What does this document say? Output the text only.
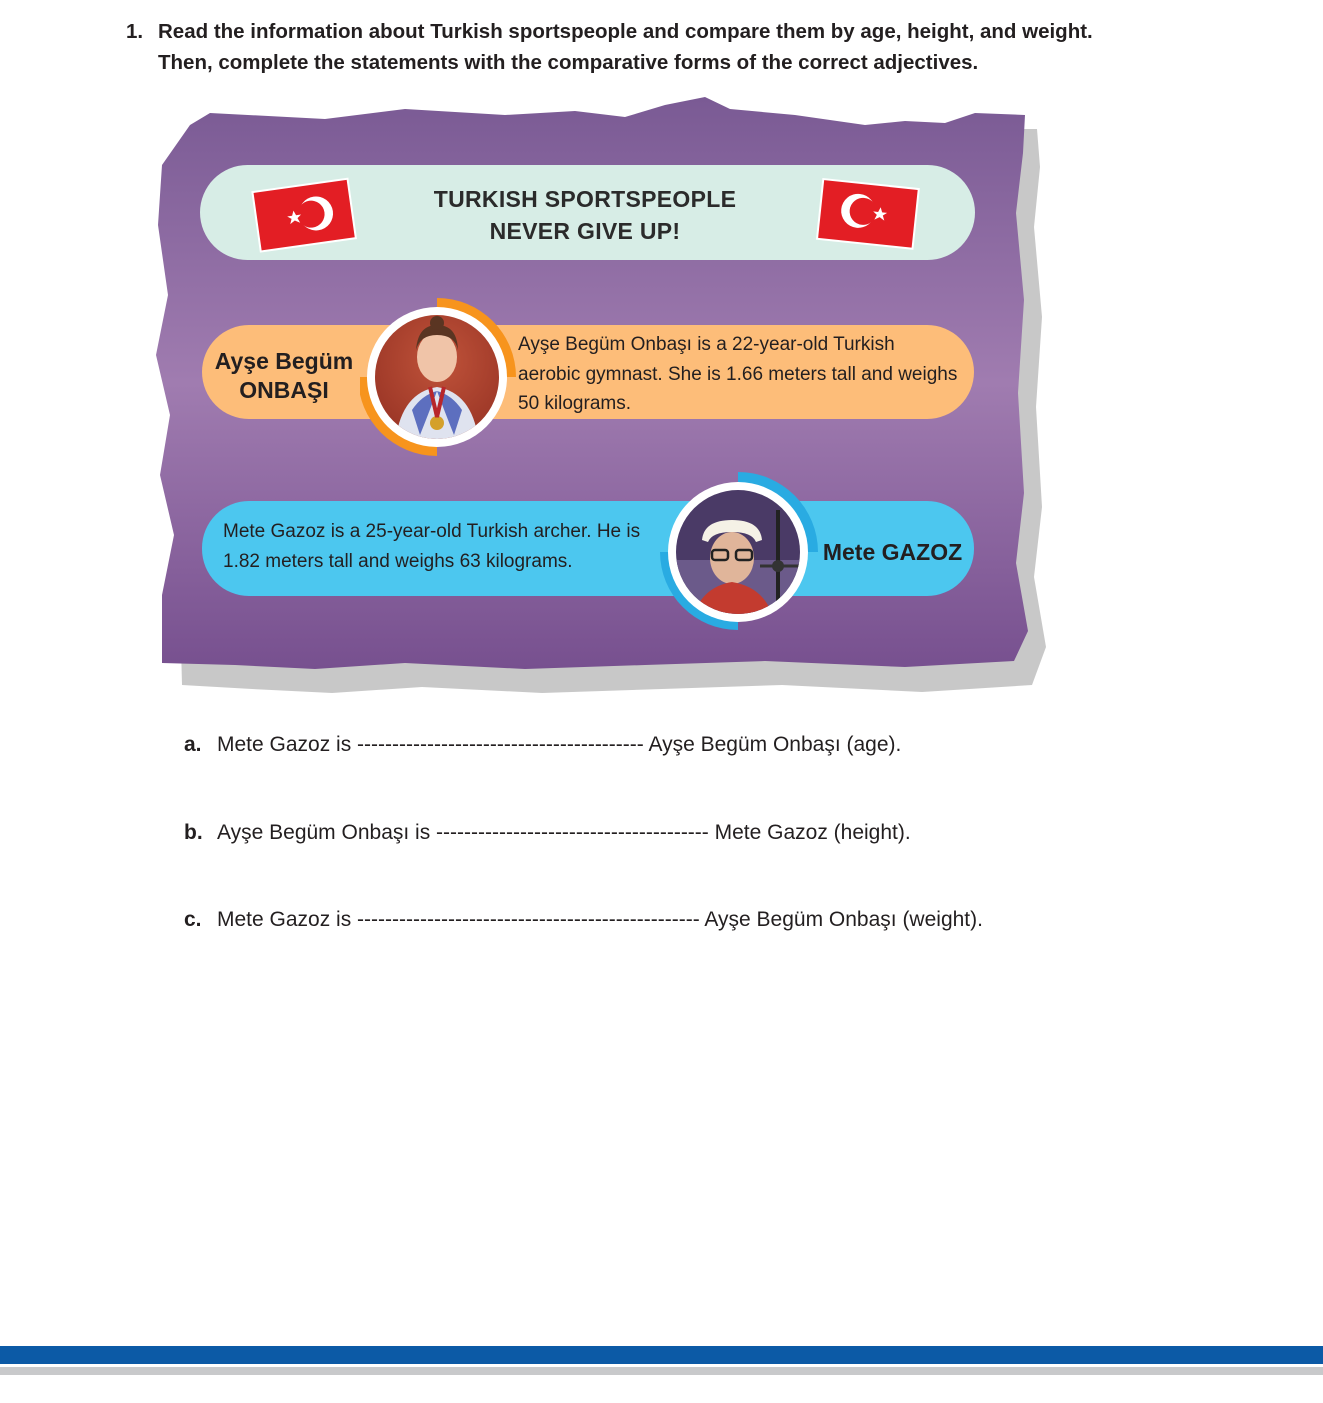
1. Read the information about Turkish sportspeople and compare them by age, height, and weight.
Then, complete the statements with the comparative forms of the correct adjectives.
TURKISH SPORTSPEOPLE
NEVER GIVE UP!
Ayşe Begüm
ONBAŞI
Ayşe Begüm Onbaşı is a 22-year-old Turkish aerobic gymnast. She is 1.66 meters tall and weighs 50 kilograms.
Mete Gazoz is a 25-year-old Turkish archer. He is 1.82 meters tall and weighs 63 kilograms.	Mete GAZOZ
a. Mete Gazoz is ----------------------------------------- Ayşe Begüm Onbaşı (age).
b. Ayşe Begüm Onbaşı is --------------------------------------- Mete Gazoz (height).
c. Mete Gazoz is ------------------------------------------------- Ayşe Begüm Onbaşı (weight).
